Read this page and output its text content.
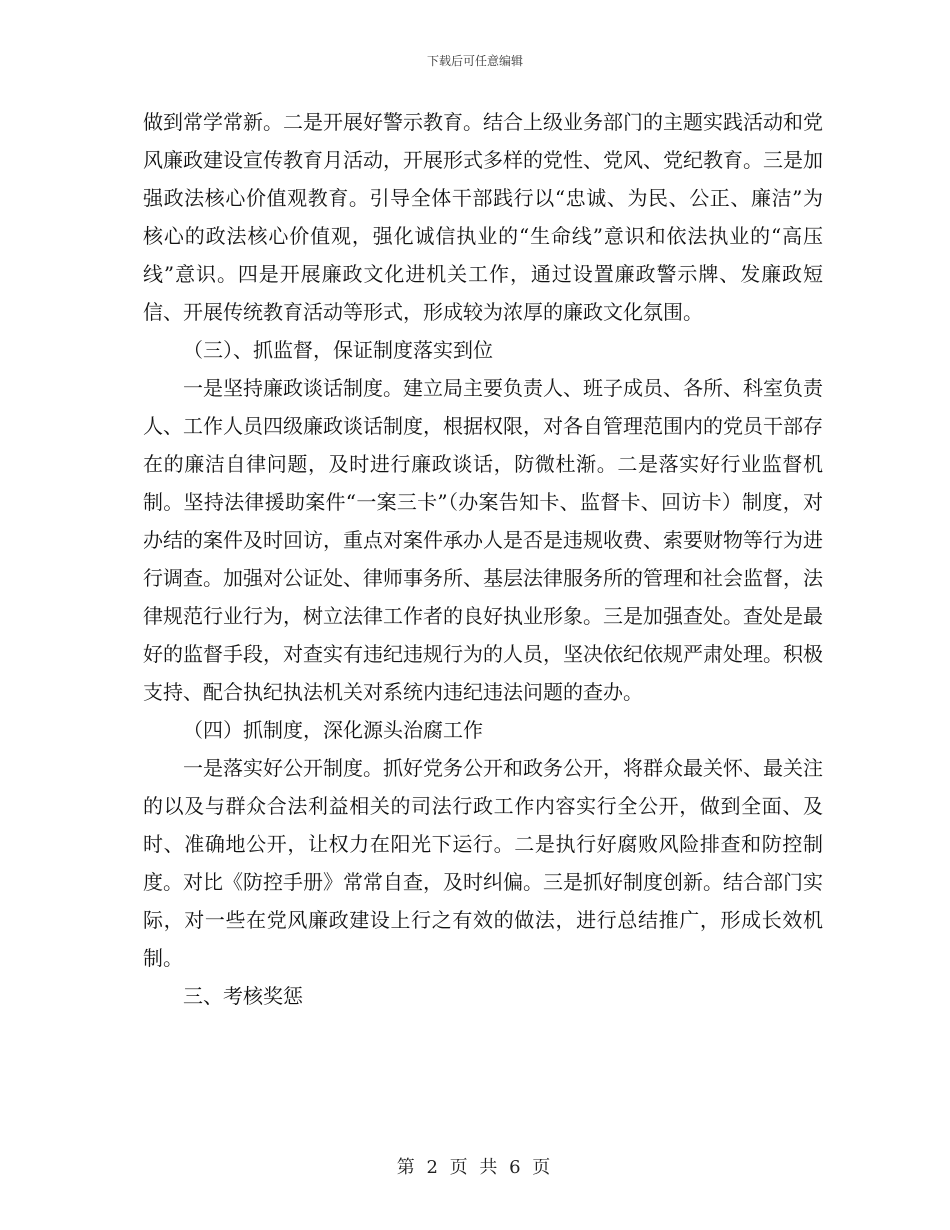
下载后可任意编辑

做到常学常新。二是开展好警示教育。结合上级业务部门的主题实践活动和党风廉政建设宣传教育月活动，开展形式多样的党性、党风、党纪教育。三是加强政法核心价值观教育。引导全体干部践行以“忠诚、为民、公正、廉洁”为核心的政法核心价值观，强化诚信执业的“生命线”意识和依法执业的“高压线”意识。四是开展廉政文化进机关工作，通过设置廉政警示牌、发廉政短信、开展传统教育活动等形式，形成较为浓厚的廉政文化氛围。

（三）、抓监督，保证制度落实到位

一是坚持廉政谈话制度。建立局主要负责人、班子成员、各所、科室负责人、工作人员四级廉政谈话制度，根据权限，对各自管理范围内的党员干部存在的廉洁自律问题，及时进行廉政谈话，防微杜渐。二是落实好行业监督机制。坚持法律援助案件“一案三卡”（办案告知卡、监督卡、回访卡）制度，对办结的案件及时回访，重点对案件承办人是否是违规收费、索要财物等行为进行调查。加强对公证处、律师事务所、基层法律服务所的管理和社会监督，法律规范行业行为，树立法律工作者的良好执业形象。三是加强查处。查处是最好的监督手段，对查实有违纪违规行为的人员，坚决依纪依规严肃处理。积极支持、配合执纪执法机关对系统内违纪违法问题的查办。

（四）抓制度，深化源头治腐工作

一是落实好公开制度。抓好党务公开和政务公开，将群众最关怀、最关注的以及与群众合法利益相关的司法行政工作内容实行全公开，做到全面、及时、准确地公开，让权力在阳光下运行。二是执行好腐败风险排查和防控制度。对比《防控手册》常常自查，及时纠偏。三是抓好制度创新。结合部门实际，对一些在党风廉政建设上行之有效的做法，进行总结推广，形成长效机制。

三、考核奖惩

第 2 页 共 6 页
